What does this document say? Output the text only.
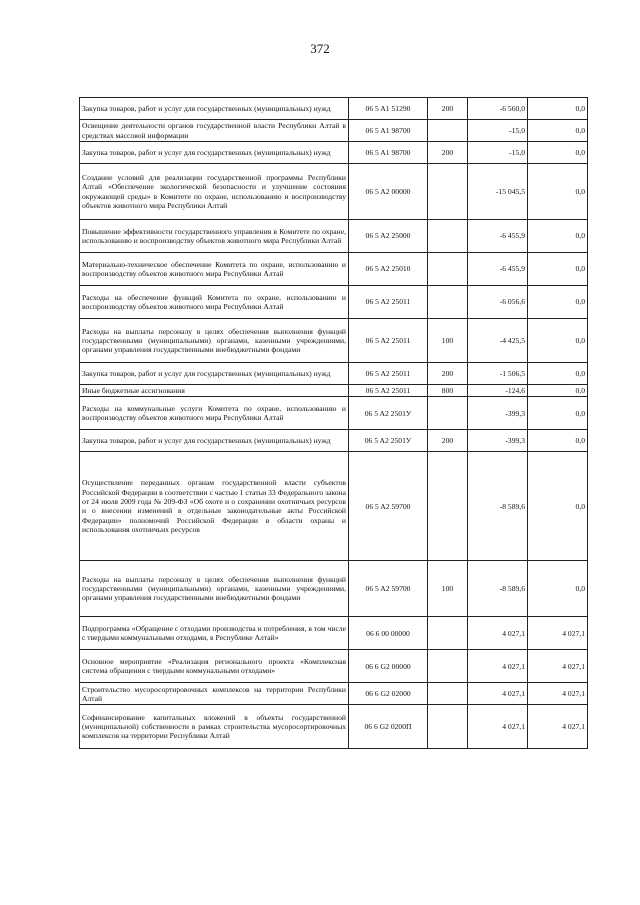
372
Закупка товаров, работ и услуг для государственных (муниципальных) нужд	06 5 A1 51290	200	-6 560,0	0,0
Освещение деятельности органов государственной власти Республики Алтай в средствах массовой информации	06 5 A1 98700		-15,0	0,0
Закупка товаров, работ и услуг для государственных (муниципальных) нужд	06 5 A1 98700	200	-15,0	0,0
Создание условий для реализации государственной программы Республики Алтай «Обеспечение экологической безопасности и улучшение состояния окружающей среды» в Комитете по охране, использованию и воспроизводству объектов животного мира Республики Алтай	06 5 A2 00000		-15 045,5	0,0
Повышение эффективности государственного управления в Комитете по охране, использованию и воспроизводству объектов животного мира Республики Алтай	06 5 A2 25000		-6 455,9	0,0
Материально-техническое обеспечение Комитета по охране, использованию и воспроизводству объектов животного мира Республики Алтай	06 5 A2 25010		-6 455,9	0,0
Расходы на обеспечение функций Комитета по охране, использованию и воспроизводству объектов животного мира Республики Алтай	06 5 A2 25011		-6 056,6	0,0
Расходы на выплаты персоналу в целях обеспечения выполнения функций государственными (муниципальными) органами, казенными учреждениями, органами управления государственными внебюджетными фондами	06 5 A2 25011	100	-4 425,5	0,0
Закупка товаров, работ и услуг для государственных (муниципальных) нужд	06 5 A2 25011	200	-1 506,5	0,0
Иные бюджетные ассигнования	06 5 A2 25011	800	-124,6	0,0
Расходы на коммунальные услуги Комитета по охране, использованию и воспроизводству объектов животного мира Республики Алтай	06 5 A2 2501У		-399,3	0,0
Закупка товаров, работ и услуг для государственных (муниципальных) нужд	06 5 A2 2501У	200	-399,3	0,0
Осуществление переданных органам государственной власти субъектов Российской Федерации в соответствии с частью 1 статьи 33 Федерального закона от 24 июля 2009 года № 209-ФЗ «Об охоте и о сохранении охотничьих ресурсов и о внесении изменений в отдельные законодательные акты Российской Федерации» полномочий Российской Федерации в области охраны и использования охотничьих ресурсов	06 5 A2 59700		-8 589,6	0,0
Расходы на выплаты персоналу в целях обеспечения выполнения функций государственными (муниципальными) органами, казенными учреждениями, органами управления государственными внебюджетными фондами	06 5 A2 59700	100	-8 589,6	0,0
Подпрограмма «Обращение с отходами производства и потребления, в том числе с твердыми коммунальными отходами, в Республике Алтай»	06 6 00 00000		4 027,1	4 027,1
Основное мероприятие «Реализация регионального проекта «Комплексная система обращения с твердыми коммунальными отходами»	06 6 G2 00000		4 027,1	4 027,1
Строительство мусоросортировочных комплексов на территории Республики Алтай	06 6 G2 02000		4 027,1	4 027,1
Софинансирование капитальных вложений в объекты государственной (муниципальной) собственности в рамках строительства мусоросортировочных комплексов на территории Республики Алтай	06 6 G2 0200П		4 027,1	4 027,1
